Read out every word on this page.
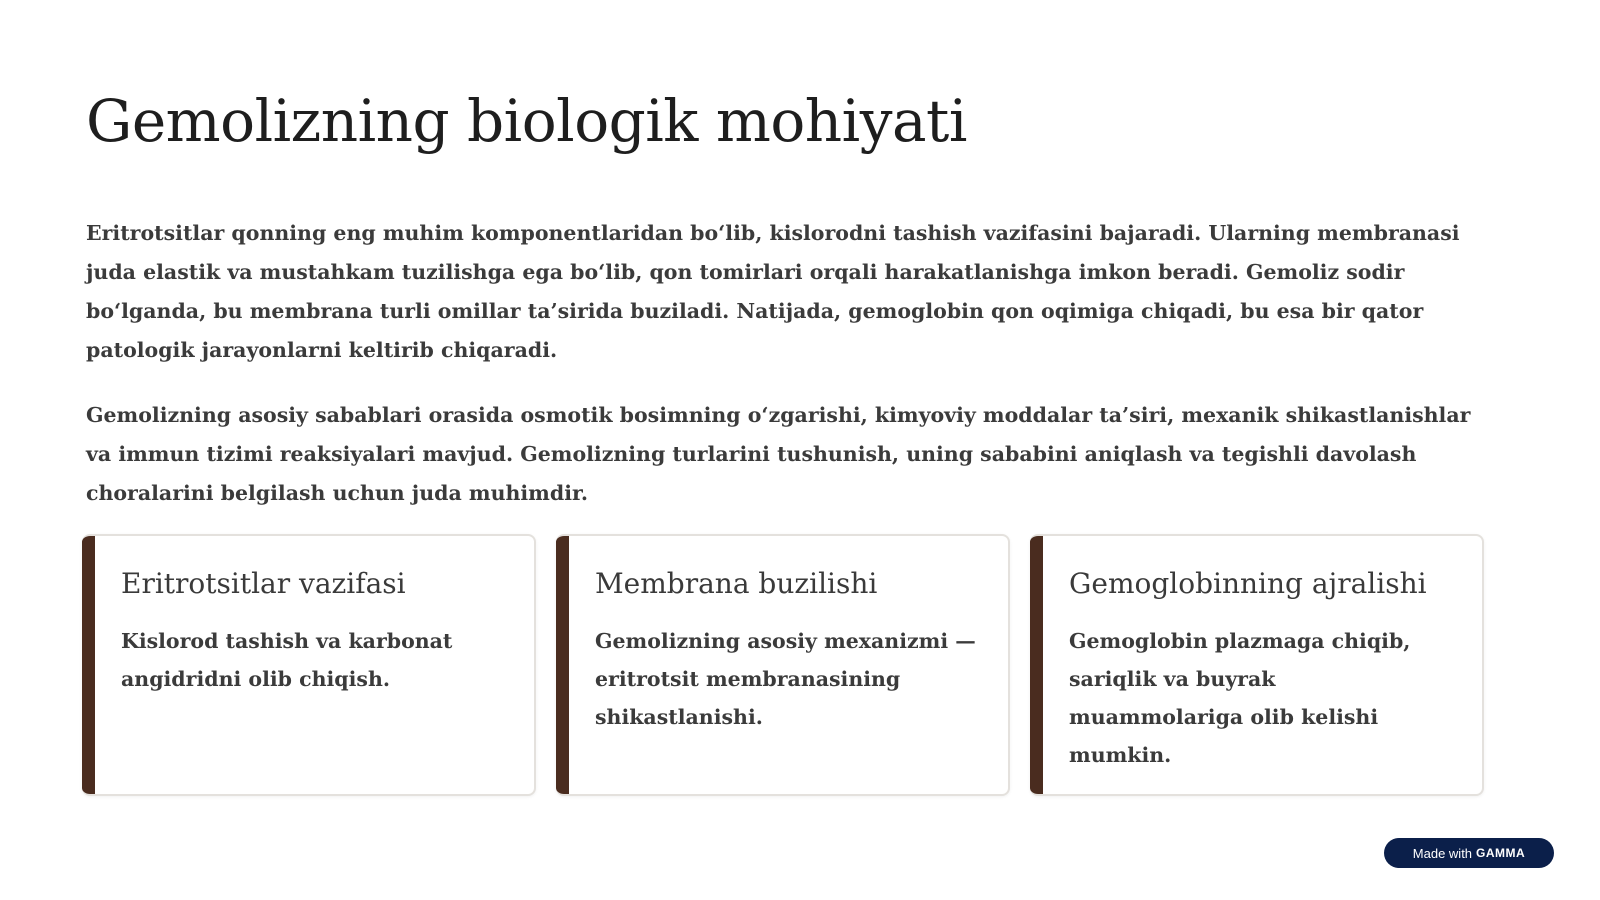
Gemolizning biologik mohiyati

Eritrotsitlar qonning eng muhim komponentlaridan bo‘lib, kislorodni tashish vazifasini bajaradi. Ularning membranasi juda elastik va mustahkam tuzilishga ega bo‘lib, qon tomirlari orqali harakatlanishga imkon beradi. Gemoliz sodir bo‘lganda, bu membrana turli omillar ta’sirida buziladi. Natijada, gemoglobin qon oqimiga chiqadi, bu esa bir qator patologik jarayonlarni keltirib chiqaradi.

Gemolizning asosiy sabablari orasida osmotik bosimning o‘zgarishi, kimyoviy moddalar ta’siri, mexanik shikastlanishlar va immun tizimi reaksiyalari mavjud. Gemolizning turlarini tushunish, uning sababini aniqlash va tegishli davolash choralarini belgilash uchun juda muhimdir.

Eritrotsitlar vazifasi

Kislorod tashish va karbonat angidridni olib chiqish.

Membrana buzilishi

Gemolizning asosiy mexanizmi — eritrotsit membranasining shikastlanishi.

Gemoglobinning ajralishi

Gemoglobin plazmaga chiqib, sariqlik va buyrak muammolariga olib kelishi mumkin.

Made with GAMMA
